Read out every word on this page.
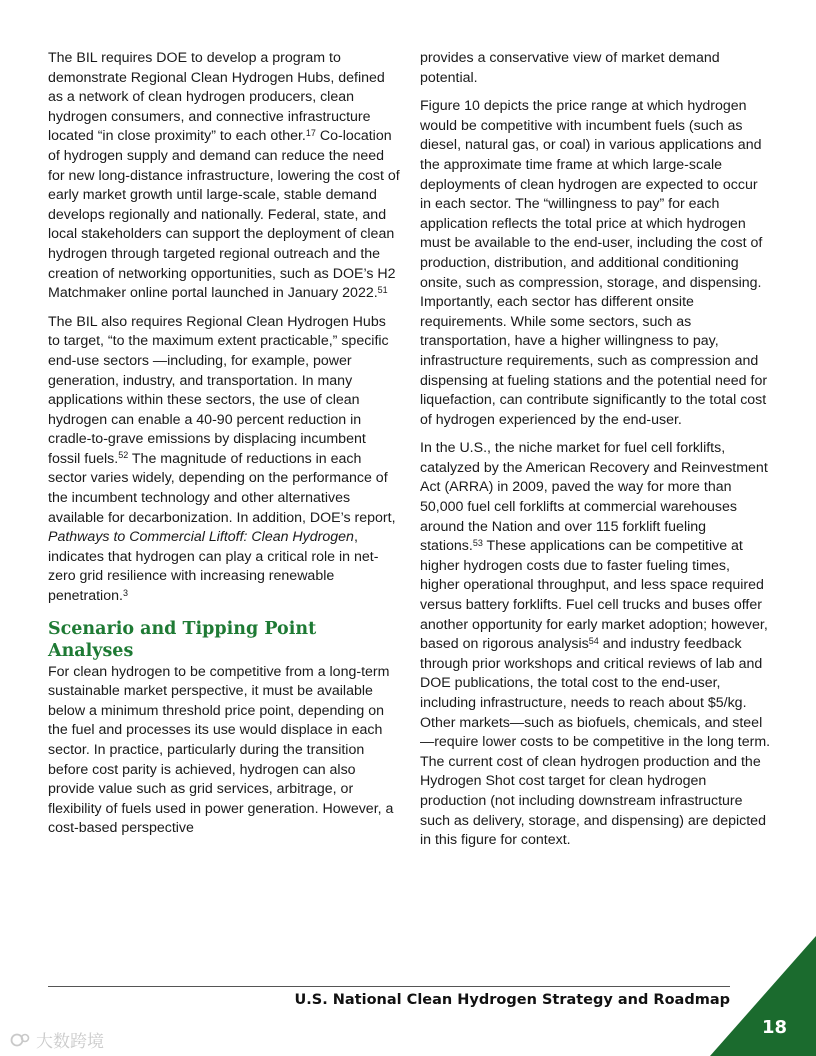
The BIL requires DOE to develop a program to demonstrate Regional Clean Hydrogen Hubs, defined as a network of clean hydrogen producers, clean hydrogen consumers, and connective infrastructure located “in close proximity” to each other.$^{17}$ Co-location of hydrogen supply and demand can reduce the need for new long-distance infrastructure, lowering the cost of early market growth until large-scale, stable demand develops regionally and nationally. Federal, state, and local stakeholders can support the deployment of clean hydrogen through targeted regional outreach and the creation of networking opportunities, such as DOE’s H2 Matchmaker online portal launched in January 2022.51

The BIL also requires Regional Clean Hydrogen Hubs to target, “to the maximum extent practicable,” specific end-use sectors —including, for example, power generation, industry, and transportation. In many applications within these sectors, the use of clean hydrogen can enable a 40-90 percent reduction in cradle-to-grave emissions by displacing incumbent fossil fuels.$^{52}$ The magnitude of reductions in each sector varies widely, depending on the performance of the incumbent technology and other alternatives available for decarbonization. In addition, DOE’s report, Pathways to Commercial Liftoff: Clean Hydrogen, indicates that hydrogen can play a critical role in net-zero grid resilience with increasing renewable penetration.$^3$

Scenario and Tipping Point Analyses

For clean hydrogen to be competitive from a long-term sustainable market perspective, it must be available below a minimum threshold price point, depending on the fuel and processes its use would displace in each sector. In practice, particularly during the transition before cost parity is achieved, hydrogen can also provide value such as grid services, arbitrage, or flexibility of fuels used in power generation. However, a cost-based perspective

provides a conservative view of market demand potential.

Figure 10 depicts the price range at which hydrogen would be competitive with incumbent fuels (such as diesel, natural gas, or coal) in various applications and the approximate time frame at which large-scale deployments of clean hydrogen are expected to occur in each sector. The “willingness to pay” for each application reflects the total price at which hydrogen must be available to the end-user, including the cost of production, distribution, and additional conditioning onsite, such as compression, storage, and dispensing. Importantly, each sector has different onsite requirements. While some sectors, such as transportation, have a higher willingness to pay, infrastructure requirements, such as compression and dispensing at fueling stations and the potential need for liquefaction, can contribute significantly to the total cost of hydrogen experienced by the end-user.

In the U.S., the niche market for fuel cell forklifts, catalyzed by the American Recovery and Reinvestment Act (ARRA) in 2009, paved the way for more than 50,000 fuel cell forklifts at commercial warehouses around the Nation and over 115 forklift fueling stations.$^{53}$ These applications can be competitive at higher hydrogen costs due to faster fueling times, higher operational throughput, and less space required versus battery forklifts. Fuel cell trucks and buses offer another opportunity for early market adoption; however, based on rigorous analysis$^{54}$ and industry feedback through prior workshops and critical reviews of lab and DOE publications, the total cost to the end-user, including infrastructure, needs to reach about $5/kg. Other markets—such as biofuels, chemicals, and steel—require lower costs to be competitive in the long term. The current cost of clean hydrogen production and the Hydrogen Shot cost target for clean hydrogen production (not including downstream infrastructure such as delivery, storage, and dispensing) are depicted in this figure for context.

U.S. National Clean Hydrogen Strategy and Roadmap
18
大数跨境
